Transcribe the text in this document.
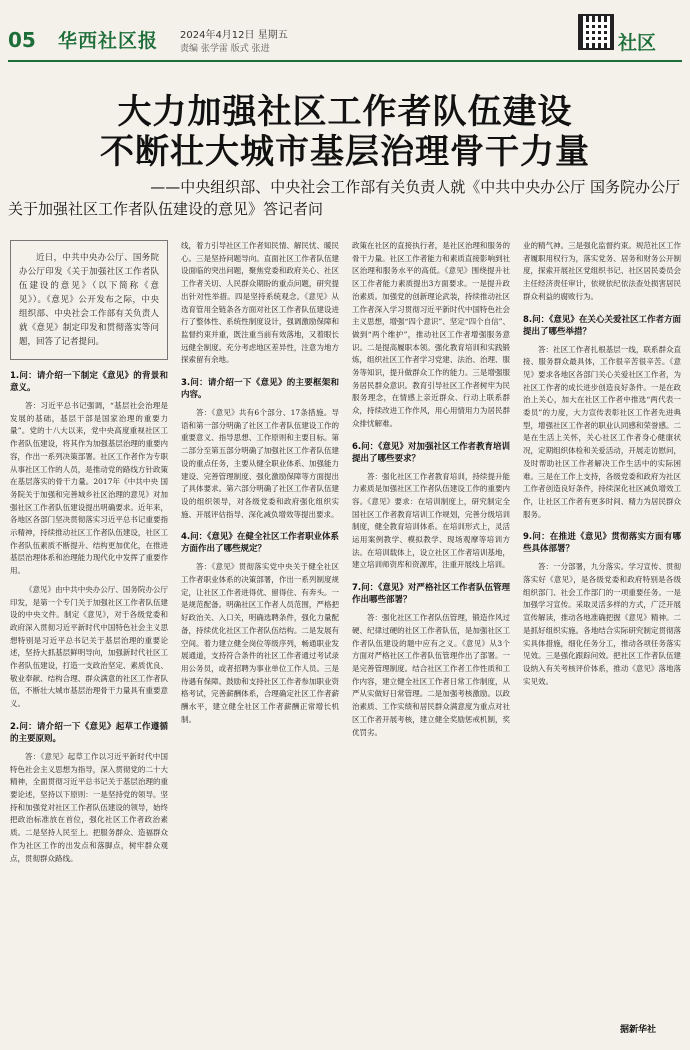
05 华西社区报 2024年4月12日 星期五
责编 张学雷 版式 张进	社区
大力加强社区工作者队伍建设
不断壮大城市基层治理骨干力量
——中央组织部、中央社会工作部有关负责人就《中共中央办公厅 国务院办公厅
关于加强社区工作者队伍建设的意见》答记者问

近日，中共中央办公厅、国务院办公厅印发《关于加强社区工作者队伍建设的意见》（以下简称《意见》）。《意见》公开发布之际，中央组织部、中央社会工作部有关负责人就《意见》制定印发和贯彻落实等问题，回答了记者提问。

1.问：请介绍一下制定《意见》的背景和意义。

答：习近平总书记强调，“基层社会治理是发展的基础，基层干部是国家治理的重要力量”。党的十八大以来，党中央高度重视社区工作者队伍建设，将其作为加强基层治理的重要内容，作出一系列决策部署。社区工作者作为专职从事社区工作的人员，是推动党的路线方针政策在基层落实的骨干力量。2017年《中共中央 国务院关于加强和完善城乡社区治理的意见》对加强社区工作者队伍建设提出明确要求。近年来，各地区各部门坚决贯彻落实习近平总书记重要指示精神，持续推动社区工作者队伍建设，社区工作者队伍素质不断提升、结构更加优化，在推进基层治理体系和治理能力现代化中发挥了重要作用。

《意见》由中共中央办公厅、国务院办公厅印发，是第一个专门关于加强社区工作者队伍建设的中央文件。制定《意见》，对于各级党委和政府深入贯彻习近平新时代中国特色社会主义思想特别是习近平总书记关于基层治理的重要论述，坚持大抓基层鲜明导向，加强新时代社区工作者队伍建设，打造一支政治坚定、素质优良、敬业奉献、结构合理、群众满意的社区工作者队伍，不断壮大城市基层治理骨干力量具有重要意义。

2.问：请介绍一下《意见》起草工作遵循的主要原则。

答：《意见》起草工作以习近平新时代中国特色社会主义思想为指导，深入贯彻党的二十大精神，全面贯彻习近平总书记关于基层治理的重要论述，坚持以下原则：一是坚持党的领导。坚持和加强党对社区工作者队伍建设的领导，始终把政治标准放在首位，强化社区工作者政治素质。二是坚持人民至上。把服务群众、造福群众作为社区工作的出发点和落脚点，树牢群众观点，贯彻群众路线。

线，着力引导社区工作者知民情、解民忧、暖民心。三是坚持问题导向。直面社区工作者队伍建设面临的突出问题，聚焦党委和政府关心、社区工作者关切、人民群众期盼的重点问题，研究提出针对性举措。四是坚持系统观念。《意见》从选育管用全链条各方面对社区工作者队伍建设进行了整体性、系统性制度设计，强调激励保障和监督约束并重，既注重当前有效落地，又着眼长远健全制度。充分考虑地区差异性，注意为地方探索留有余地。

3.问：请介绍一下《意见》的主要框架和内容。

答：《意见》共有6个部分、17条措施。导语和第一部分明确了社区工作者队伍建设工作的重要意义、指导思想、工作原则和主要目标。第二部分至第五部分明确了加强社区工作者队伍建设的重点任务，主要从健全职业体系、加强能力建设、完善管理制度、强化激励保障等方面提出了具体要求。第六部分明确了社区工作者队伍建设的组织领导，对各级党委和政府强化组织实施、开展评估指导、深化减负增效等提出要求。

4.问：《意见》在健全社区工作者职业体系方面作出了哪些规定？

答：《意见》贯彻落实党中央关于健全社区工作者职业体系的决策部署，作出一系列制度规定，让社区工作者进得优、留得住、有奔头。一是规范配备。明确社区工作者人员范围，严格把好政治关、入口关，明确选聘条件，强化力量配备，持续优化社区工作者队伍结构。二是发展有空间。着力建立健全岗位等级序列，畅通职业发展通道，支持符合条件的社区工作者通过考试录用公务员，或者招聘为事业单位工作人员。三是待遇有保障。鼓励和支持社区工作者参加职业资格考试，完善薪酬体系，合理确定社区工作者薪酬水平，建立健全社区工作者薪酬正常增长机制。

政策在社区的直接执行者，是社区治理和服务的骨干力量。社区工作者能力和素质直接影响到社区治理和服务水平的高低。《意见》围绕提升社区工作者能力素质提出3方面要求。一是提升政治素质。加强党的创新理论武装，持续推动社区工作者深入学习贯彻习近平新时代中国特色社会主义思想，增强“四个意识”、坚定“四个自信”、做到“两个维护”，推动社区工作者增强服务意识。二是提高履职本领。强化教育培训和实践锻炼，组织社区工作者学习党建、法治、治理、服务等知识，提升做群众工作的能力。三是增强服务居民群众意识。教育引导社区工作者树牢为民服务理念，在情感上亲近群众、行动上联系群众，持续改进工作作风，用心用情用力为居民群众排忧解难。

6.问：《意见》对加强社区工作者教育培训提出了哪些要求？

答：强化社区工作者教育培训，持续提升能力素质是加强社区工作者队伍建设工作的重要内容。《意见》要求：在培训制度上，研究制定全国社区工作者教育培训工作规划，完善分级培训制度，健全教育培训体系。在培训形式上，灵活运用案例教学、模拟教学、现场观摩等培训方法。在培训载体上，设立社区工作者培训基地，建立培训师资库和资源库，注重开展线上培训。

7.问：《意见》对严格社区工作者队伍管理作出哪些部署？

答：强化社区工作者队伍管理，锻造作风过硬、纪律过硬的社区工作者队伍，是加强社区工作者队伍建设的题中应有之义。《意见》从3个方面对严格社区工作者队伍管理作出了部署。一是完善管理制度。结合社区工作者工作性质和工作内容，建立健全社区工作者日常工作制度，从严从实做好日常管理。二是加强考核激励。以政治素质、工作实绩和居民群众满意度为重点对社区工作者开展考核，建立健全奖励惩戒机制，奖优罚劣。

业的精气神。三是强化监督约束。规范社区工作者履职用权行为，落实党务、居务和财务公开制度，探索开展社区党组织书记、社区居民委员会主任经济责任审计，依规依纪依法查处损害居民群众利益的腐败行为。

8.问：《意见》在关心关爱社区工作者方面提出了哪些举措？

答：社区工作者扎根基层一线，联系群众直接、服务群众最具体，工作很辛苦很辛苦。《意见》要求各地区各部门关心关爱社区工作者，为社区工作者的成长进步创造良好条件。一是在政治上关心，加大在社区工作者中推选“两代表一委员”的力度，大力宣传表彰社区工作者先进典型，增强社区工作者的职业认同感和荣誉感。二是在生活上关怀，关心社区工作者身心健康状况，定期组织体检和关爱活动，开展走访慰问，及时帮助社区工作者解决工作生活中的实际困难。三是在工作上支持，各级党委和政府为社区工作者创造良好条件，持续深化社区减负增效工作，让社区工作者有更多时间、精力为居民群众服务。

9.问：在推进《意见》贯彻落实方面有哪些具体部署？

答：一分部署，九分落实。学习宣传、贯彻落实好《意见》，是各级党委和政府特别是各级组织部门、社会工作部门的一项重要任务。一是加强学习宣传。采取灵活多样的方式，广泛开展宣传解读，推动各地准确把握《意见》精神。二是抓好组织实施。各地结合实际研究制定贯彻落实具体措施，细化任务分工，推动各项任务落实见效。三是强化跟踪问效。把社区工作者队伍建设纳入有关考核评价体系，推动《意见》落地落实见效。

据新华社
